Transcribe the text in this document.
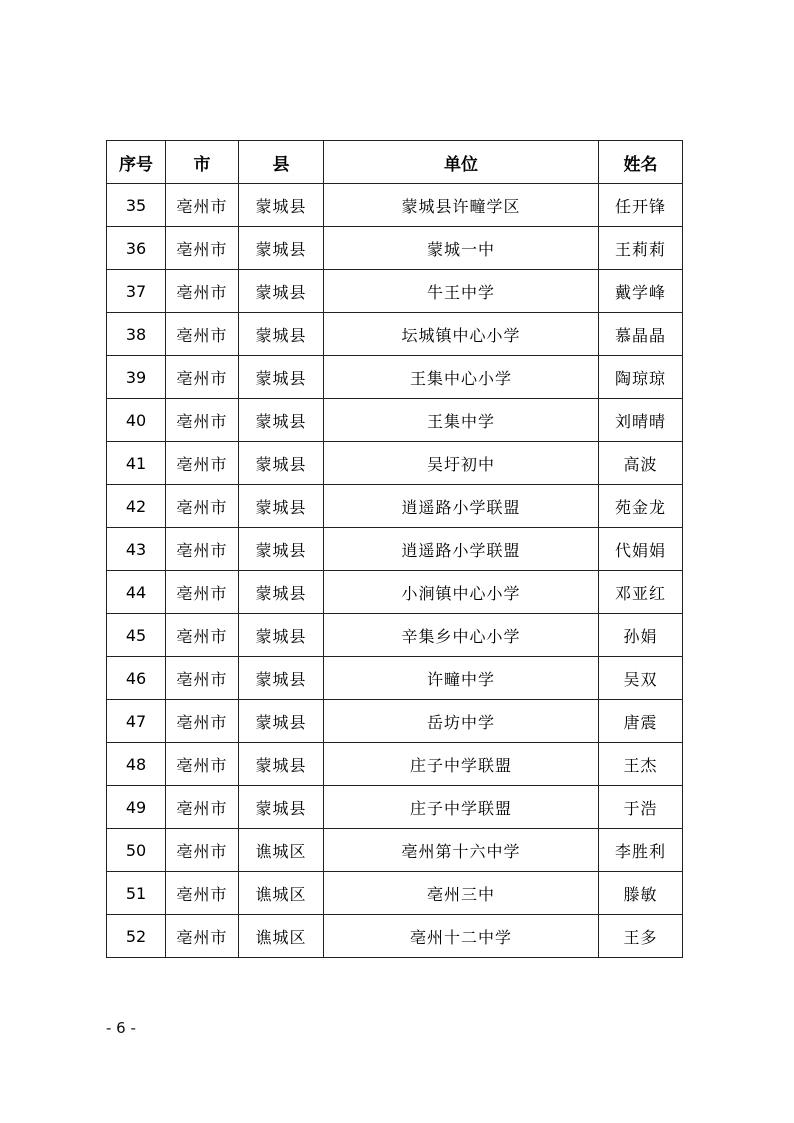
序号	市	县	单位	姓名
35	亳州市	蒙城县	蒙城县许疃学区	任开锋
36	亳州市	蒙城县	蒙城一中	王莉莉
37	亳州市	蒙城县	牛王中学	戴学峰
38	亳州市	蒙城县	坛城镇中心小学	慕晶晶
39	亳州市	蒙城县	王集中心小学	陶琼琼
40	亳州市	蒙城县	王集中学	刘晴晴
41	亳州市	蒙城县	吴圩初中	高波
42	亳州市	蒙城县	逍遥路小学联盟	苑金龙
43	亳州市	蒙城县	逍遥路小学联盟	代娟娟
44	亳州市	蒙城县	小涧镇中心小学	邓亚红
45	亳州市	蒙城县	辛集乡中心小学	孙娟
46	亳州市	蒙城县	许疃中学	吴双
47	亳州市	蒙城县	岳坊中学	唐震
48	亳州市	蒙城县	庄子中学联盟	王杰
49	亳州市	蒙城县	庄子中学联盟	于浩
50	亳州市	谯城区	亳州第十六中学	李胜利
51	亳州市	谯城区	亳州三中	滕敏
52	亳州市	谯城区	亳州十二中学	王多
- 6 -
